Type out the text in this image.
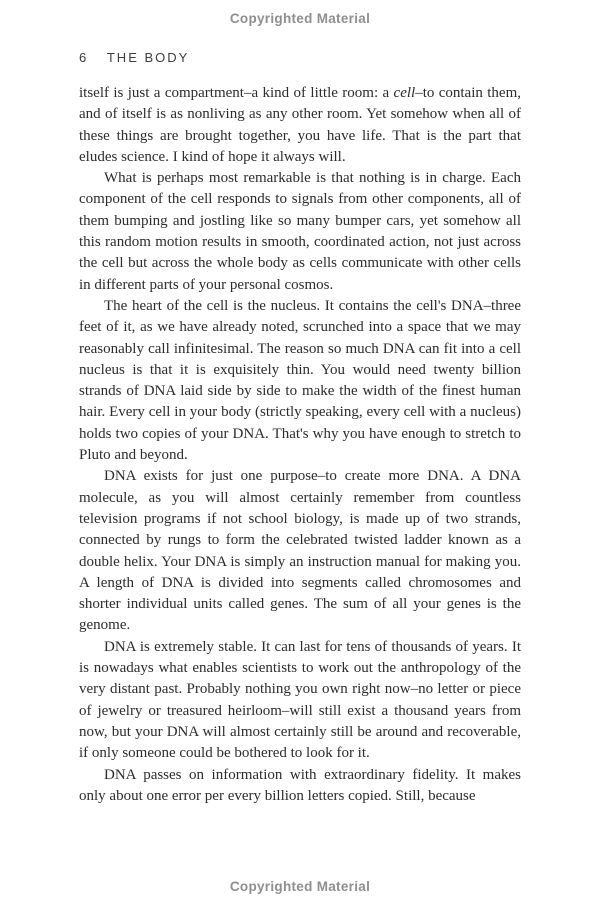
Copyrighted Material
6 THE BODY

itself is just a compartment–a kind of little room: a cell–to contain them, and of itself is as nonliving as any other room. Yet somehow when all of these things are brought together, you have life. That is the part that eludes science. I kind of hope it always will.

What is perhaps most remarkable is that nothing is in charge. Each component of the cell responds to signals from other components, all of them bumping and jostling like so many bumper cars, yet somehow all this random motion results in smooth, coordinated action, not just across the cell but across the whole body as cells communicate with other cells in different parts of your personal cosmos.

The heart of the cell is the nucleus. It contains the cell's DNA–three feet of it, as we have already noted, scrunched into a space that we may reasonably call infinitesimal. The reason so much DNA can fit into a cell nucleus is that it is exquisitely thin. You would need twenty billion strands of DNA laid side by side to make the width of the finest human hair. Every cell in your body (strictly speaking, every cell with a nucleus) holds two copies of your DNA. That's why you have enough to stretch to Pluto and beyond.

DNA exists for just one purpose–to create more DNA. A DNA molecule, as you will almost certainly remember from countless television programs if not school biology, is made up of two strands, connected by rungs to form the celebrated twisted ladder known as a double helix. Your DNA is simply an instruction manual for making you. A length of DNA is divided into segments called chromosomes and shorter individual units called genes. The sum of all your genes is the genome.

DNA is extremely stable. It can last for tens of thousands of years. It is nowadays what enables scientists to work out the anthropology of the very distant past. Probably nothing you own right now–no letter or piece of jewelry or treasured heirloom–will still exist a thousand years from now, but your DNA will almost certainly still be around and recoverable, if only someone could be bothered to look for it.

DNA passes on information with extraordinary fidelity. It makes only about one error per every billion letters copied. Still, because

Copyrighted Material
